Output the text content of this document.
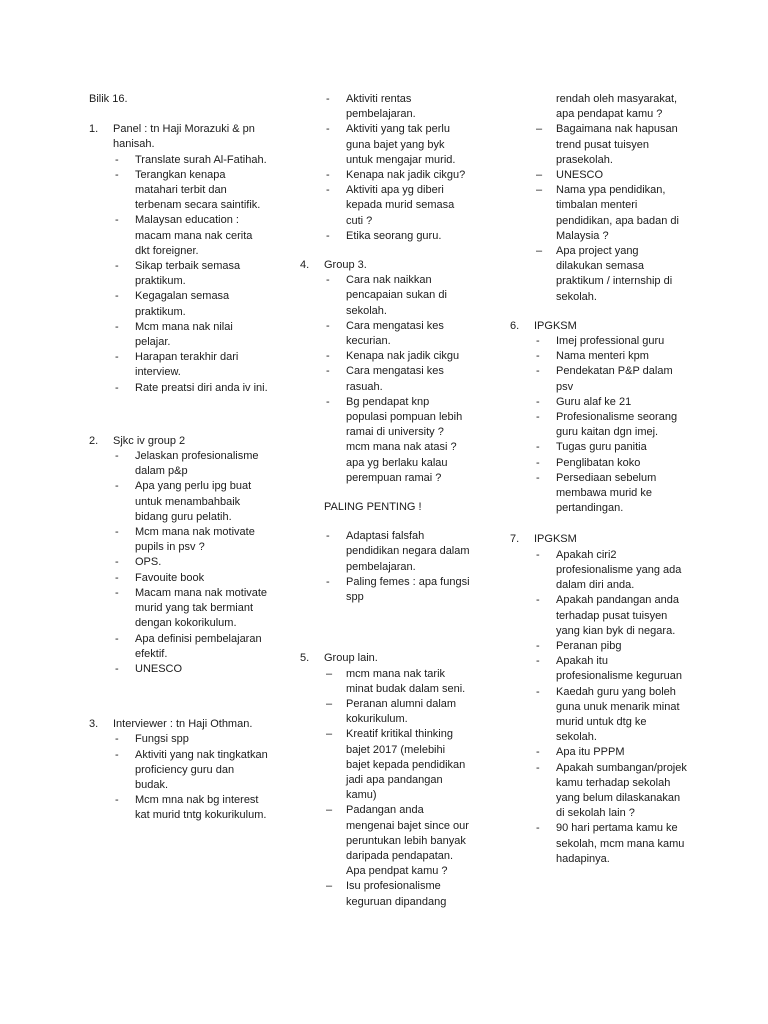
Bilik 16.
1. Panel : tn Haji Morazuki & pn hanisah.
- Translate surah Al-Fatihah.
- Terangkan kenapa matahari terbit dan terbenam secara saintifik.
- Malaysan education : macam mana nak cerita dkt foreigner.
- Sikap terbaik semasa praktikum.
- Kegagalan semasa praktikum.
- Mcm mana nak nilai pelajar.
- Harapan terakhir dari interview.
- Rate preatsi diri anda iv ini.
2. Sjkc iv group 2
- Jelaskan profesionalisme dalam p&p
- Apa yang perlu ipg buat untuk menambahbaik bidang guru pelatih.
- Mcm mana nak motivate pupils in psv ?
- OPS.
- Favouite book
- Macam mana nak motivate murid yang tak bermiant dengan kokorikulum.
- Apa definisi pembelajaran efektif.
- UNESCO
3. Interviewer : tn Haji Othman.
- Fungsi spp
- Aktiviti yang nak tingkatkan proficiency guru dan budak.
- Mcm mna nak bg interest kat murid tntg kokurikulum.
- Aktiviti rentas pembelajaran.
- Aktiviti yang tak perlu guna bajet yang byk untuk mengajar murid.
- Kenapa nak jadik cikgu?
- Aktiviti apa yg diberi kepada murid semasa cuti ?
- Etika seorang guru.
4. Group 3.
- Cara nak naikkan pencapaian sukan di sekolah.
- Cara mengatasi kes kecurian.
- Kenapa nak jadik cikgu
- Cara mengatasi kes rasuah.
- Bg pendapat knp populasi pompuan lebih ramai di university ? mcm mana nak atasi ? apa yg berlaku kalau perempuan ramai ?
PALING PENTING !
- Adaptasi falsfah pendidikan negara dalam pembelajaran.
- Paling femes : apa fungsi spp
5. Group lain.
– mcm mana nak tarik minat budak dalam seni.
– Peranan alumni dalam kokurikulum.
– Kreatif kritikal thinking bajet 2017 (melebihi bajet kepada pendidikan jadi apa pandangan kamu)
– Padangan anda mengenai bajet since our peruntukan lebih banyak daripada pendapatan. Apa pendpat kamu ?
– Isu profesionalisme keguruan dipandang
rendah oleh masyarakat, apa pendapat kamu ?
– Bagaimana nak hapusan trend pusat tuisyen prasekolah.
– UNESCO
– Nama ypa pendidikan, timbalan menteri pendidikan, apa badan di Malaysia ?
– Apa project yang dilakukan semasa praktikum / internship di sekolah.
6. IPGKSM
- Imej professional guru
- Nama menteri kpm
- Pendekatan P&P dalam psv
- Guru alaf ke 21
- Profesionalisme seorang guru kaitan dgn imej.
- Tugas guru panitia
- Penglibatan koko
- Persediaan sebelum membawa murid ke pertandingan.
7. IPGKSM
- Apakah ciri2 profesionalisme yang ada dalam diri anda.
- Apakah pandangan anda terhadap pusat tuisyen yang kian byk di negara.
- Peranan pibg
- Apakah itu profesionalisme keguruan
- Kaedah guru yang boleh guna unuk menarik minat murid untuk dtg ke sekolah.
- Apa itu PPPM
- Apakah sumbangan/projek kamu terhadap sekolah yang belum dilaskanakan di sekolah lain ?
- 90 hari pertama kamu ke sekolah, mcm mana kamu hadapinya.
